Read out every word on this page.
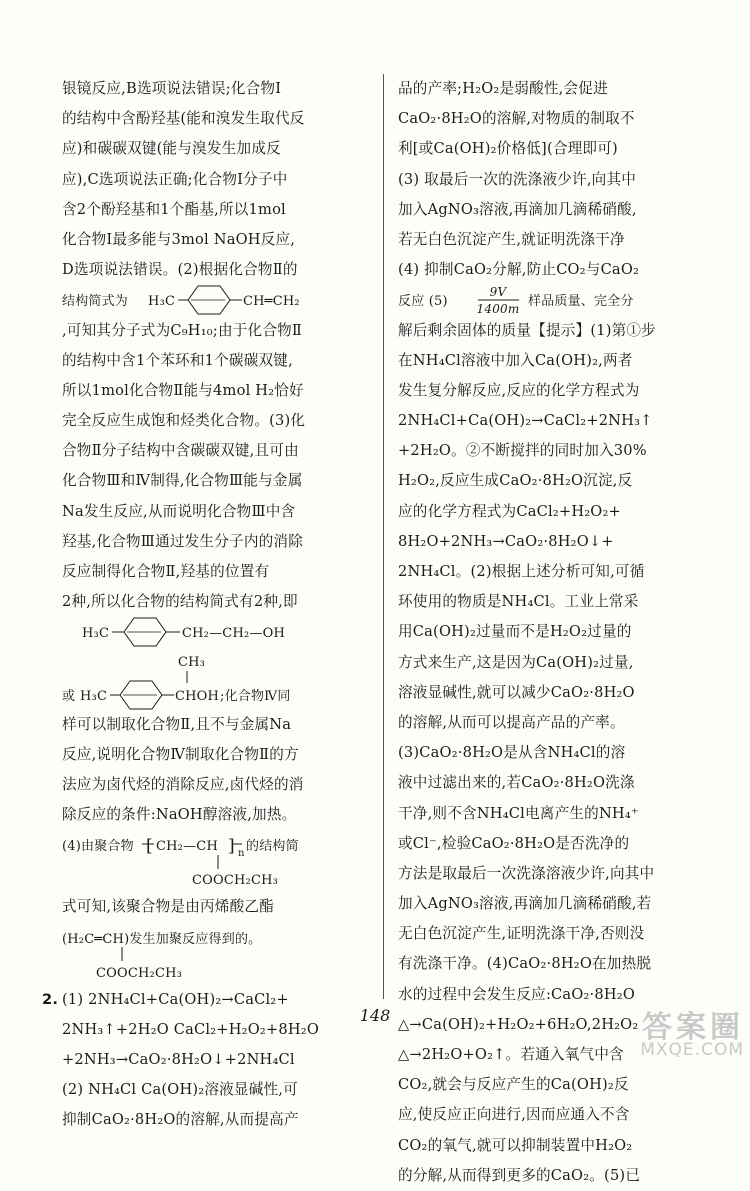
银镜反应,B选项说法错误;化合物Ⅰ
的结构中含酚羟基(能和溴发生取代反
应)和碳碳双键(能与溴发生加成反
应),C选项说法正确;化合物Ⅰ分子中
含2个酚羟基和1个酯基,所以1mol
化合物Ⅰ最多能与3mol NaOH反应,
D选项说法错误。(2)根据化合物Ⅱ的
结构简式为 H₃C	CH═CH₂
,可知其分子式为C₉H₁₀;由于化合物Ⅱ
的结构中含1个苯环和1个碳碳双键,
所以1mol化合物Ⅱ能与4mol H₂恰好
完全反应生成饱和烃类化合物。(3)化
合物Ⅱ分子结构中含碳碳双键,且可由
化合物Ⅲ和Ⅳ制得,化合物Ⅲ能与金属
Na发生反应,从而说明化合物Ⅲ中含
羟基,化合物Ⅲ通过发生分子内的消除
反应制得化合物Ⅱ,羟基的位置有
2种,所以化合物的结构简式有2种,即
H₃C	CH₂—CH₂—OH
CH₃
或 H₃C	CHOH ;化合物Ⅳ同
样可以制取化合物Ⅱ,且不与金属Na
反应,说明化合物Ⅳ制取化合物Ⅱ的方
法应为卤代烃的消除反应,卤代烃的消
除反应的条件:NaOH醇溶液,加热。
(4)由聚合物 [ CH₂—CH ] n 的结构简
COOCH₂CH₃
式可知,该聚合物是由丙烯酸乙酯
(H₂C═CH)发生加聚反应得到的。
COOCH₂CH₃
2. (1) 2NH₄Cl+Ca(OH)₂→CaCl₂+
2NH₃↑+2H₂O CaCl₂+H₂O₂+8H₂O
+2NH₃→CaO₂·8H₂O↓+2NH₄Cl
(2) NH₄Cl Ca(OH)₂溶液显碱性,可
抑制CaO₂·8H₂O的溶解,从而提高产
品的产率;H₂O₂是弱酸性,会促进
CaO₂·8H₂O的溶解,对物质的制取不
利[或Ca(OH)₂价格低](合理即可)
(3) 取最后一次的洗涤液少许,向其中
加入AgNO₃溶液,再滴加几滴稀硝酸,
若无白色沉淀产生,就证明洗涤干净
(4) 抑制CaO₂分解,防止CO₂与CaO₂
反应 (5)
9V
1400m 样品质量、完全分
解后剩余固体的质量【提示】(1)第①步
在NH₄Cl溶液中加入Ca(OH)₂,两者
发生复分解反应,反应的化学方程式为
2NH₄Cl+Ca(OH)₂→CaCl₂+2NH₃↑
+2H₂O。②不断搅拌的同时加入30%
H₂O₂,反应生成CaO₂·8H₂O沉淀,反
应的化学方程式为CaCl₂+H₂O₂+
8H₂O+2NH₃→CaO₂·8H₂O↓+
2NH₄Cl。(2)根据上述分析可知,可循
环使用的物质是NH₄Cl。工业上常采
用Ca(OH)₂过量而不是H₂O₂过量的
方式来生产,这是因为Ca(OH)₂过量,
溶液显碱性,就可以减少CaO₂·8H₂O
的溶解,从而可以提高产品的产率。
(3)CaO₂·8H₂O是从含NH₄Cl的溶
液中过滤出来的,若CaO₂·8H₂O洗涤
干净,则不含NH₄Cl电离产生的NH₄⁺
或Cl⁻,检验CaO₂·8H₂O是否洗净的
方法是取最后一次洗涤溶液少许,向其中
加入AgNO₃溶液,再滴加几滴稀硝酸,若
无白色沉淀产生,证明洗涤干净,否则没
有洗涤干净。(4)CaO₂·8H₂O在加热脱
水的过程中会发生反应:CaO₂·8H₂O
△→Ca(OH)₂+H₂O₂+6H₂O,2H₂O₂
△→2H₂O+O₂↑。若通入氧气中含
CO₂,就会与反应产生的Ca(OH)₂反
应,使反应正向进行,因而应通入不含
CO₂的氧气,就可以抑制装置中H₂O₂
的分解,从而得到更多的CaO₂。(5)已
148	答案圈
MXQE.COM
